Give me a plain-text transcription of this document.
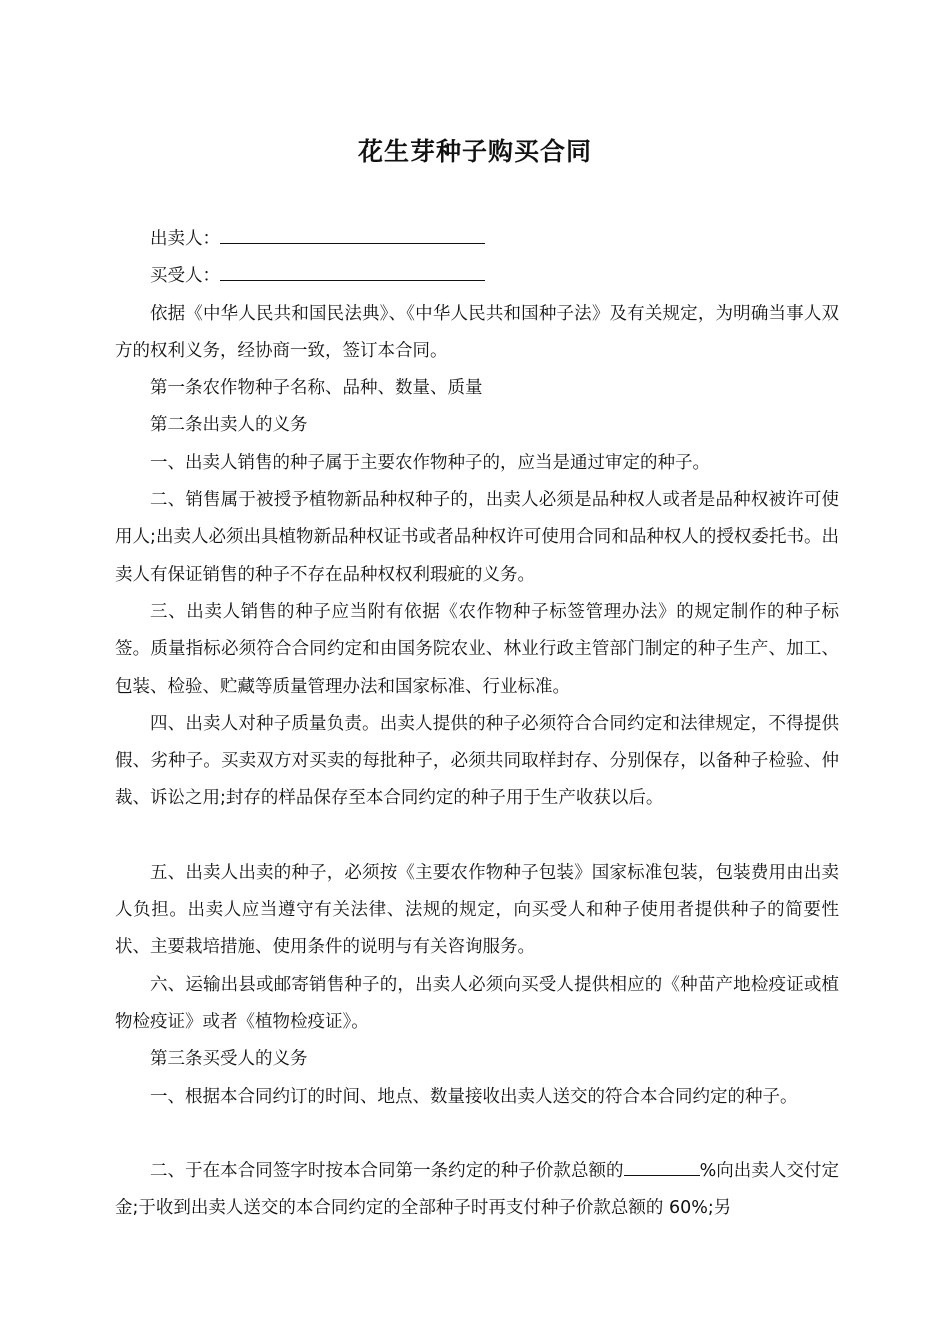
花生芽种子购买合同

出卖人：

买受人：

依据《中华人民共和国民法典》、《中华人民共和国种子法》及有关规定，为明确当事人双方的权利义务，经协商一致，签订本合同。

第一条农作物种子名称、品种、数量、质量

第二条出卖人的义务

一、出卖人销售的种子属于主要农作物种子的，应当是通过审定的种子。

二、销售属于被授予植物新品种权种子的，出卖人必须是品种权人或者是品种权被许可使用人;出卖人必须出具植物新品种权证书或者品种权许可使用合同和品种权人的授权委托书。出卖人有保证销售的种子不存在品种权权利瑕疵的义务。

三、出卖人销售的种子应当附有依据《农作物种子标签管理办法》的规定制作的种子标签。质量指标必须符合合同约定和由国务院农业、林业行政主管部门制定的种子生产、加工、包装、检验、贮藏等质量管理办法和国家标准、行业标准。

四、出卖人对种子质量负责。出卖人提供的种子必须符合合同约定和法律规定，不得提供假、劣种子。买卖双方对买卖的每批种子，必须共同取样封存、分别保存，以备种子检验、仲裁、诉讼之用;封存的样品保存至本合同约定的种子用于生产收获以后。

五、出卖人出卖的种子，必须按《主要农作物种子包装》国家标准包装，包装费用由出卖人负担。出卖人应当遵守有关法律、法规的规定，向买受人和种子使用者提供种子的简要性状、主要栽培措施、使用条件的说明与有关咨询服务。

六、运输出县或邮寄销售种子的，出卖人必须向买受人提供相应的《种苗产地检疫证或植物检疫证》或者《植物检疫证》。

第三条买受人的义务

一、根据本合同约订的时间、地点、数量接收出卖人送交的符合本合同约定的种子。

二、于在本合同签字时按本合同第一条约定的种子价款总额的	%向出卖人交付定金;于收到出卖人送交的本合同约定的全部种子时再支付种子价款总额的 60%;另
